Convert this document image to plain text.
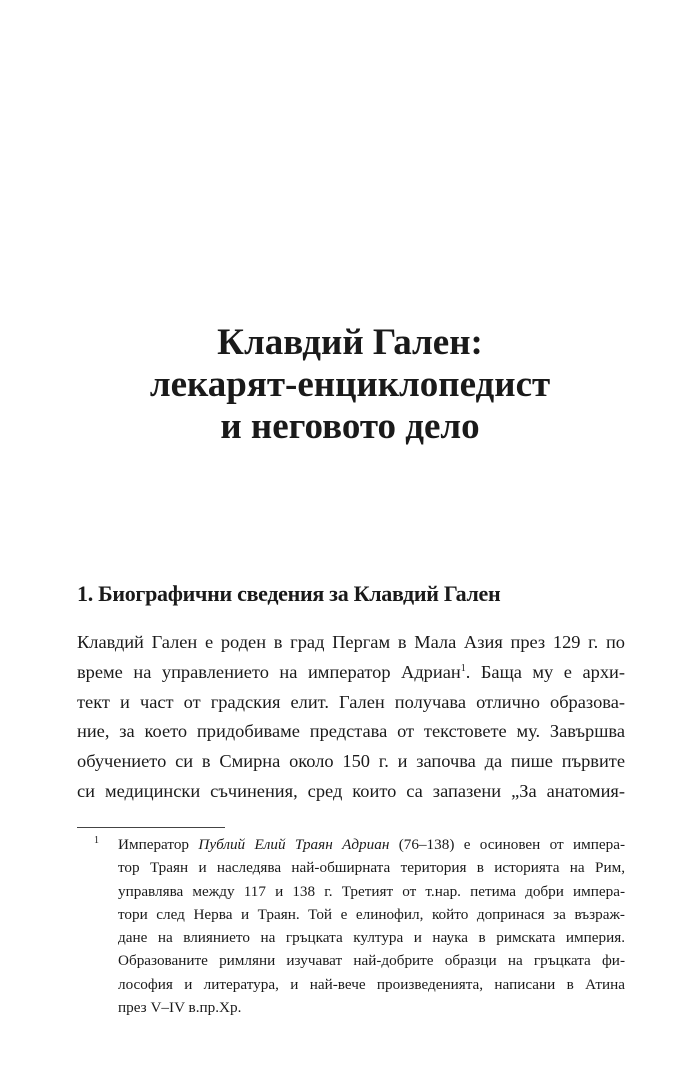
Клавдий Гален:
лекарят-енциклопедист
и неговото дело
1. Биографични сведения за Клавдий Гален
Клавдий Гален е роден в град Пергам в Мала Азия през 129 г. по
време на управлението на император Адриан$^1$. Баща му е архи-
тект и част от градския елит. Гален получава отлично образова-
ние, за което придобиваме представа от текстовете му. Завършва
обучението си в Смирна около 150 г. и започва да пише първите
си медицински съчинения, сред които са запазени „За анатомия-
1 Император Публий Елий Траян Адриан (76–138) е осиновен от импера-
тор Траян и наследява най-обширната територия в историята на Рим,
управлява между 117 и 138 г. Третият от т.нар. петима добри импера-
тори след Нерва и Траян. Той е елинофил, който допринася за възраж-
дане на влиянието на гръцката култура и наука в римската империя.
Образованите римляни изучават най-добрите образци на гръцката фи-
лософия и литература, и най-вече произведенията, написани в Атина
през V–IV в.пр.Хр.
